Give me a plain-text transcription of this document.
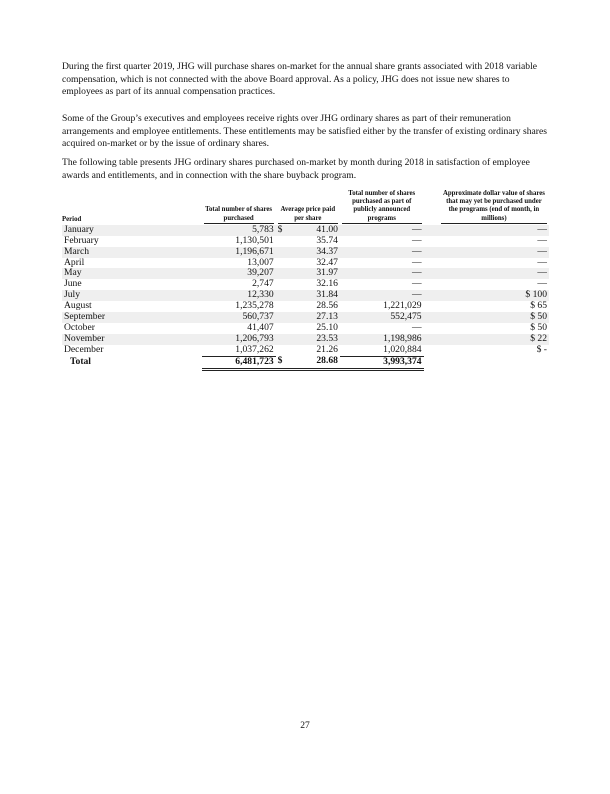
During the first quarter 2019, JHG will purchase shares on-market for the annual share grants associated with 2018 variable compensation, which is not connected with the above Board approval. As a policy, JHG does not issue new shares to employees as part of its annual compensation practices.

Some of the Group’s executives and employees receive rights over JHG ordinary shares as part of their remuneration arrangements and employee entitlements. These entitlements may be satisfied either by the transfer of existing ordinary shares acquired on-market or by the issue of ordinary shares.

The following table presents JHG ordinary shares purchased on-market by month during 2018 in satisfaction of employee awards and entitlements, and in connection with the share buyback program.

Period	Total number of shares purchased	Average price paid per share		Total number of shares purchased as part of publicly announced programs		Approximate dollar value of shares that may yet be purchased under the programs (end of month, in millions)
January	5,783	$	41.00	—		—
February	1,130,501		35.74	—		—
March	1,196,671		34.37	—		—
April	13,007		32.47	—		—
May	39,207		31.97	—		—
June	2,747		32.16	—		—
July	12,330		31.84	—		$ 100
August	1,235,278		28.56	1,221,029		$ 65
September	560,737		27.13	552,475		$ 50
October	41,407		25.10	—		$ 50
November	1,206,793		23.53	1,198,986		$ 22
December	1,037,262		21.26	1,020,884		$ -
Total	6,481,723	$	28.68	3,993,374		
27
